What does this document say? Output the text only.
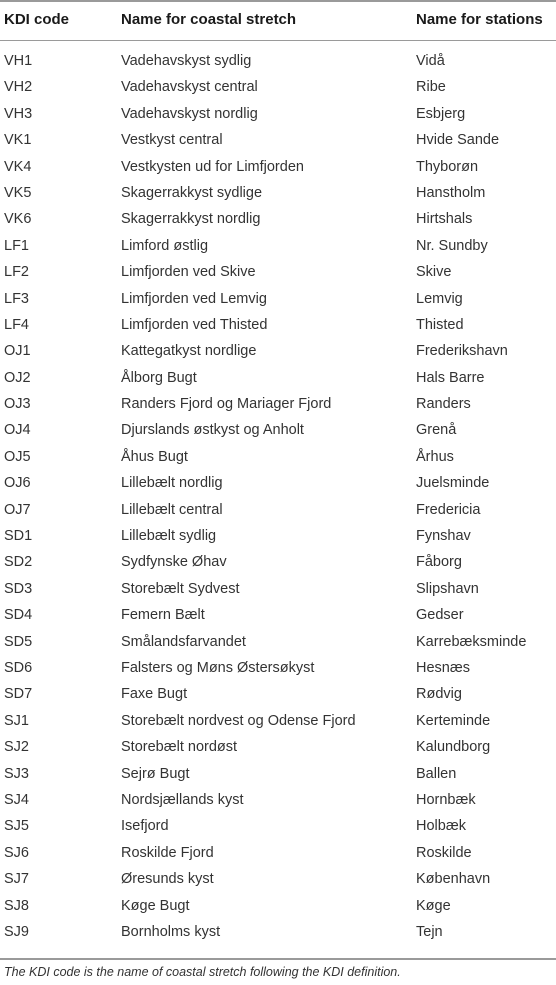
KDI code	Name for coastal stretch	Name for stations
VH1	Vadehavskyst sydlig	Vidå
VH2	Vadehavskyst central	Ribe
VH3	Vadehavskyst nordlig	Esbjerg
VK1	Vestkyst central	Hvide Sande
VK4	Vestkysten ud for Limfjorden	Thyborøn
VK5	Skagerrakkyst sydlige	Hanstholm
VK6	Skagerrakkyst nordlig	Hirtshals
LF1	Limford østlig	Nr. Sundby
LF2	Limfjorden ved Skive	Skive
LF3	Limfjorden ved Lemvig	Lemvig
LF4	Limfjorden ved Thisted	Thisted
OJ1	Kattegatkyst nordlige	Frederikshavn
OJ2	Ålborg Bugt	Hals Barre
OJ3	Randers Fjord og Mariager Fjord	Randers
OJ4	Djurslands østkyst og Anholt	Grenå
OJ5	Åhus Bugt	Århus
OJ6	Lillebælt nordlig	Juelsminde
OJ7	Lillebælt central	Fredericia
SD1	Lillebælt sydlig	Fynshav
SD2	Sydfynske Øhav	Fåborg
SD3	Storebælt Sydvest	Slipshavn
SD4	Femern Bælt	Gedser
SD5	Smålandsfarvandet	Karrebæksminde
SD6	Falsters og Møns Østersøkyst	Hesnæs
SD7	Faxe Bugt	Rødvig
SJ1	Storebælt nordvest og Odense Fjord	Kerteminde
SJ2	Storebælt nordøst	Kalundborg
SJ3	Sejrø Bugt	Ballen
SJ4	Nordsjællands kyst	Hornbæk
SJ5	Isefjord	Holbæk
SJ6	Roskilde Fjord	Roskilde
SJ7	Øresunds kyst	København
SJ8	Køge Bugt	Køge
SJ9	Bornholms kyst	Tejn
The KDI code is the name of coastal stretch following the KDI definition.
